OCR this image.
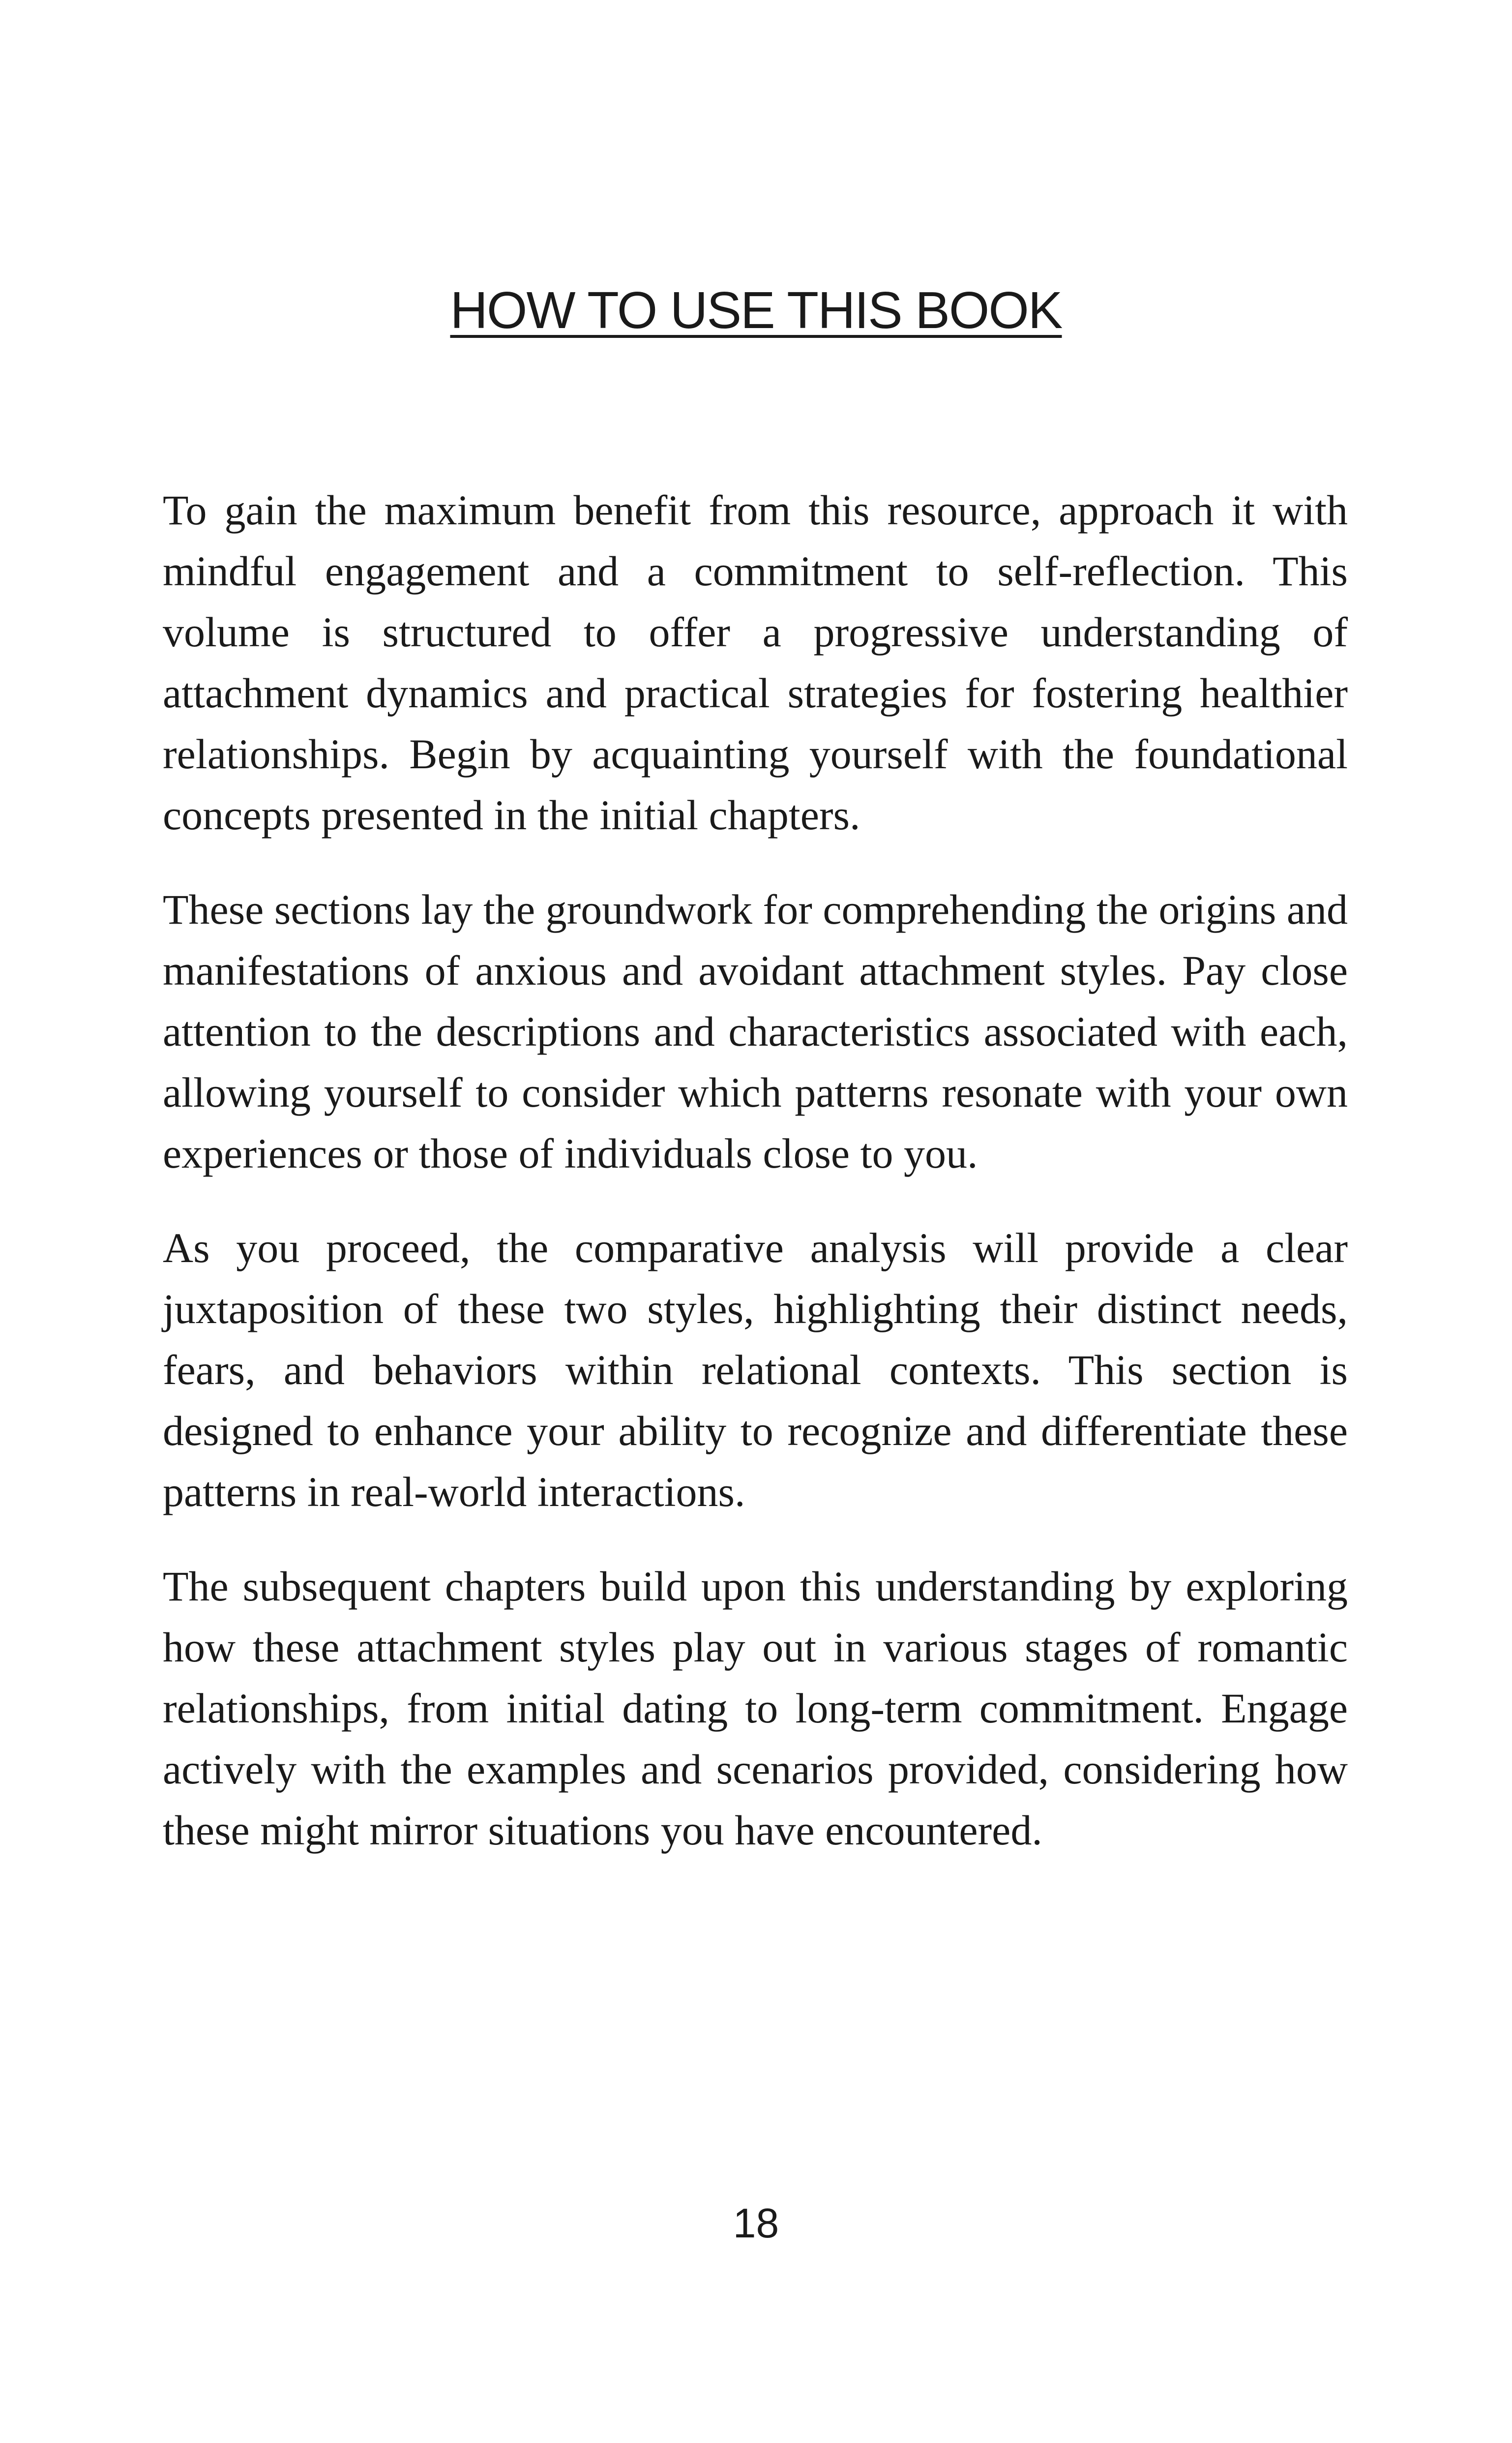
HOW TO USE THIS BOOK

To gain the maximum benefit from this resource, approach it with mindful engagement and a commitment to self-reflection. This volume is structured to offer a progressive understanding of attachment dynamics and practical strategies for fostering healthier relationships. Begin by acquainting yourself with the foundational concepts presented in the initial chapters.

These sections lay the groundwork for comprehending the origins and manifestations of anxious and avoidant attachment styles. Pay close attention to the descriptions and characteristics associated with each, allowing yourself to consider which patterns resonate with your own experiences or those of individuals close to you.

As you proceed, the comparative analysis will provide a clear juxtaposition of these two styles, highlighting their distinct needs, fears, and behaviors within relational contexts. This section is designed to enhance your ability to recognize and differentiate these patterns in real-world interactions.

The subsequent chapters build upon this understanding by exploring how these attachment styles play out in various stages of romantic relationships, from initial dating to long-term commitment. Engage actively with the examples and scenarios provided, considering how these might mirror situations you have encountered.

18
